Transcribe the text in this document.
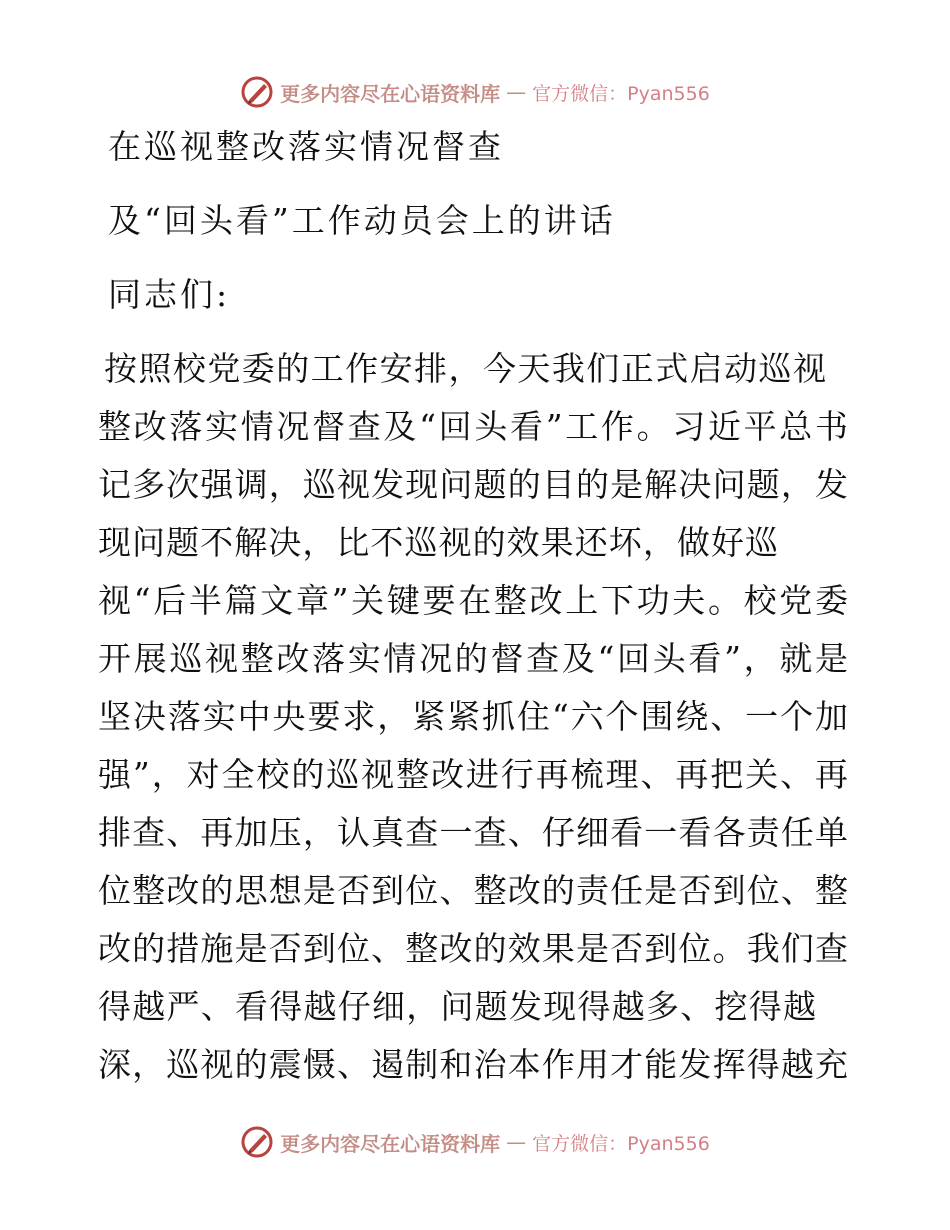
更多内容尽在心语资料库 — 官方微信：Pyan556
在巡视整改落实情况督查
及“回头看”工作动员会上的讲话
同志们:
按照校党委的工作安排，今天我们正式启动巡视
整改落实情况督查及“回头看”工作。习近平总书
记多次强调，巡视发现问题的目的是解决问题，发
现问题不解决，比不巡视的效果还坏，做好巡
视“后半篇文章”关键要在整改上下功夫。校党委
开展巡视整改落实情况的督查及“回头看”，就是
坚决落实中央要求，紧紧抓住“六个围绕、一个加
强”，对全校的巡视整改进行再梳理、再把关、再
排查、再加压，认真查一查、仔细看一看各责任单
位整改的思想是否到位、整改的责任是否到位、整
改的措施是否到位、整改的效果是否到位。我们查
得越严、看得越仔细，问题发现得越多、挖得越
深，巡视的震慑、遏制和治本作用才能发挥得越充
更多内容尽在心语资料库 — 官方微信：Pyan556
